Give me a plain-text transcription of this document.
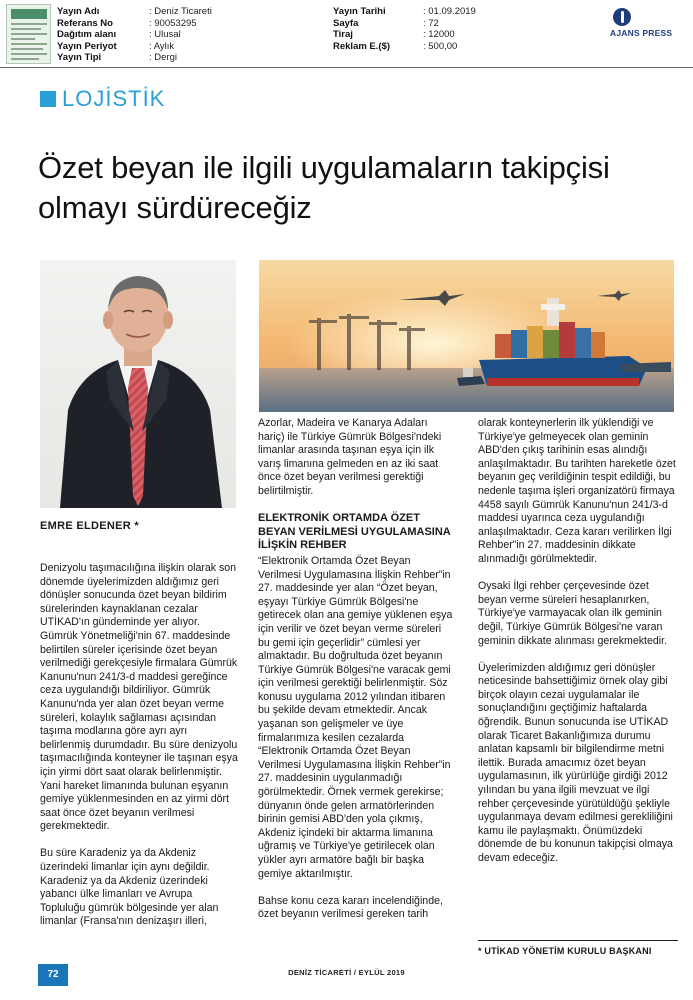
Yayın Adı	: Deniz Ticareti
Referans No	: 90053295
Dağıtım alanı	: Ulusal
Yayın Periyot	: Aylık
Yayın Tipi	: Dergi
Yayın Tarihi	: 01.09.2019
Sayfa	: 72
Tiraj	: 12000
Reklam E.($)	: 500,00
AJANS PRESS
LOJİSTİK
Özet beyan ile ilgili uygulamaların takipçisi olmayı sürdüreceğiz
EMRE ELDENER *

Denizyolu taşımacılığına ilişkin olarak son dönemde üyelerimizden aldığımız geri dönüşler sonucunda özet beyan bildirim sürelerinden kaynaklanan cezalar UTİKAD'ın gündeminde yer alıyor. Gümrük Yönetmeliği'nin 67. maddesinde belirtilen süreler içerisinde özet beyan verilmediği gerekçesiyle firmalara Gümrük Kanunu'nun 241/3-d maddesi gereğince ceza uygulandığı bildiriliyor. Gümrük Kanunu'nda yer alan özet beyan verme süreleri, kolaylık sağlaması açısından taşıma modlarına göre ayrı ayrı belirlenmiş durumdadır. Bu süre denizyolu taşımacılığında konteyner ile taşınan eşya için yirmi dört saat olarak belirlenmiştir. Yani hareket limanında bulunan eşyanın gemiye yüklenmesinden en az yirmi dört saat önce özet beyanın verilmesi gerekmektedir.

Bu süre Karadeniz ya da Akdeniz üzerindeki limanlar için aynı değildir. Karadeniz ya da Akdeniz üzerindeki yabancı ülke limanları ve Avrupa Topluluğu gümrük bölgesinde yer alan limanlar (Fransa'nın denizaşırı illeri,

Azorlar, Madeira ve Kanarya Adaları hariç) ile Türkiye Gümrük Bölgesi'ndeki limanlar arasında taşınan eşya için ilk varış limanına gelmeden en az iki saat önce özet beyan verilmesi gerektiği belirtilmiştir.

ELEKTRONİK ORTAMDA ÖZET BEYAN VERİLMESİ UYGULAMASINA İLİŞKİN REHBER

“Elektronik Ortamda Özet Beyan Verilmesi Uygulamasına İlişkin Rehber”in 27. maddesinde yer alan “Özet beyan, eşyayı Türkiye Gümrük Bölgesi'ne getirecek olan ana gemiye yüklenen eşya için verilir ve özet beyan verme süreleri bu gemi için geçerlidir” cümlesi yer almaktadır. Bu doğrultuda özet beyanın Türkiye Gümrük Bölgesi'ne varacak gemi için verilmesi gerektiği belirlenmiştir. Söz konusu uygulama 2012 yılından itibaren bu şekilde devam etmektedir. Ancak yaşanan son gelişmeler ve üye firmalarımıza kesilen cezalarda “Elektronik Ortamda Özet Beyan Verilmesi Uygulamasına İlişkin Rehber”in 27. maddesinin uygulanmadığı görülmektedir. Örnek vermek gerekirse; dünyanın önde gelen armatörlerinden birinin gemisi ABD'den yola çıkmış, Akdeniz içindeki bir aktarma limanına uğramış ve Türkiye'ye getirilecek olan yükler ayrı armatöre bağlı bir başka gemiye aktarılmıştır.

Bahse konu ceza kararı incelendiğinde, özet beyanın verilmesi gereken tarih

olarak konteynerlerin ilk yüklendiği ve Türkiye'ye gelmeyecek olan geminin ABD'den çıkış tarihinin esas alındığı anlaşılmaktadır. Bu tarihten hareketle özet beyanın geç verildiğinin tespit edildiği, bu nedenle taşıma işleri organizatörü firmaya 4458 sayılı Gümrük Kanunu'nun 241/3-d maddesi uyarınca ceza uygulandığı anlaşılmaktadır. Ceza kararı verilirken İlgi Rehber”in 27. maddesinin dikkate alınmadığı görülmektedir.

Oysaki İlgi rehber çerçevesinde özet beyan verme süreleri hesaplanırken, Türkiye'ye varmayacak olan ilk geminin değil, Türkiye Gümrük Bölgesi'ne varan geminin dikkate alınması gerekmektedir.

Üyelerimizden aldığımız geri dönüşler neticesinde bahsettiğimiz örnek olay gibi birçok olayın cezai uygulamalar ile sonuçlandığını geçtiğimiz haftalarda öğrendik. Bunun sonucunda ise UTİKAD olarak Ticaret Bakanlığımıza durumu anlatan kapsamlı bir bilgilendirme metni ilettik. Burada amacımız özet beyan uygulamasının, ilk yürürlüğe girdiği 2012 yılından bu yana ilgili mevzuat ve ilgi rehber çerçevesinde yürütüldüğü şekliyle uygulanmaya devam edilmesi gerekliliğini kamu ile paylaşmaktı. Önümüzdeki dönemde de bu konunun takipçisi olmaya devam edeceğiz.

* UTİKAD YÖNETİM KURULU BAŞKANI
72	DENİZ TİCARETİ / EYLÜL 2019
